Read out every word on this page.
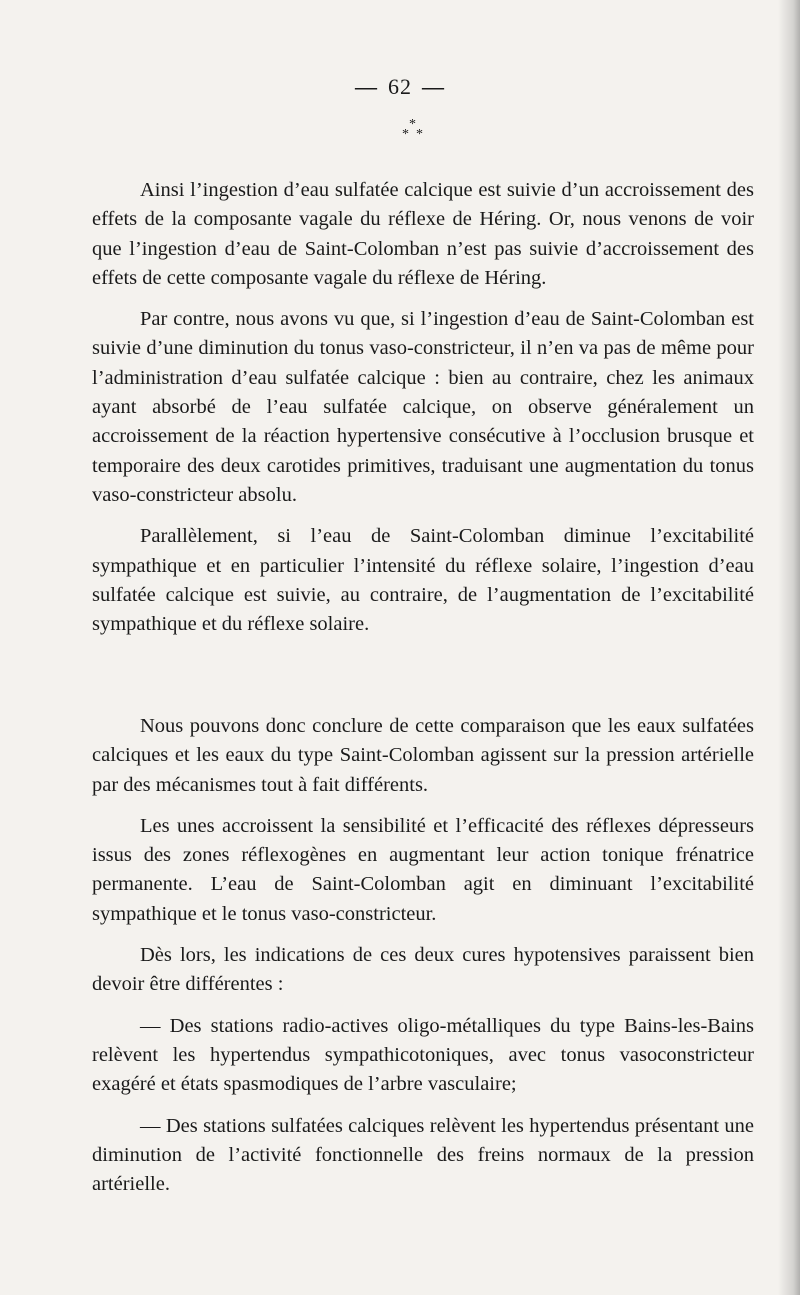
— 62 —
*
* *

Ainsi l’ingestion d’eau sulfatée calcique est suivie d’un accroissement des effets de la composante vagale du réflexe de Héring. Or, nous venons de voir que l’ingestion d’eau de Saint-Colomban n’est pas suivie d’accroissement des effets de cette composante vagale du réflexe de Héring.

Par contre, nous avons vu que, si l’ingestion d’eau de Saint-Colomban est suivie d’une diminution du tonus vaso-constricteur, il n’en va pas de même pour l’administration d’eau sulfatée calcique : bien au contraire, chez les animaux ayant absorbé de l’eau sulfatée calcique, on observe généralement un accroissement de la réaction hypertensive consécutive à l’occlusion brusque et temporaire des deux carotides primitives, traduisant une augmentation du tonus vaso-constricteur absolu.

Parallèlement, si l’eau de Saint-Colomban diminue l’excitabilité sympathique et en particulier l’intensité du réflexe solaire, l’ingestion d’eau sulfatée calcique est suivie, au contraire, de l’augmentation de l’excitabilité sympathique et du réflexe solaire.

Nous pouvons donc conclure de cette comparaison que les eaux sulfatées calciques et les eaux du type Saint-Colomban agissent sur la pression artérielle par des mécanismes tout à fait différents.

Les unes accroissent la sensibilité et l’efficacité des réflexes dépresseurs issus des zones réflexogènes en augmentant leur action tonique frénatrice permanente. L’eau de Saint-Colomban agit en diminuant l’excitabilité sympathique et le tonus vaso-constricteur.

Dès lors, les indications de ces deux cures hypotensives paraissent bien devoir être différentes :

— Des stations radio-actives oligo-métalliques du type Bains-les-Bains relèvent les hypertendus sympathicotoniques, avec tonus vasoconstricteur exagéré et états spasmodiques de l’arbre vasculaire;

— Des stations sulfatées calciques relèvent les hypertendus présentant une diminution de l’activité fonctionnelle des freins normaux de la pression artérielle.
